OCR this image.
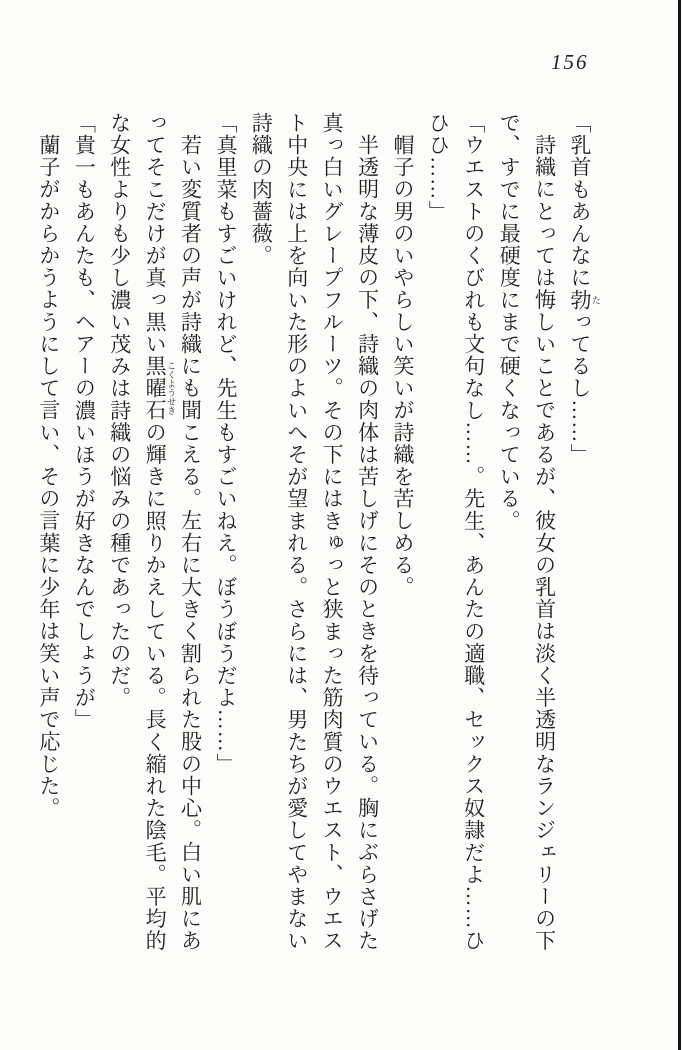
156

「乳首もあんなに勃 たってるし……」

詩織にとっては悔しいことであるが、彼女の乳首は淡く半透明なランジェリーの下で、すでに最硬度にまで硬くなっている。

「ウエストのくびれも文句なし……。先生、あんたの適職、セックス奴隷だよ……ひひひ……」

帽子の男のいやらしい笑いが詩織を苦しめる。

半透明な薄皮の下、詩織の肉体は苦しげにそのときを待っている。胸にぶらさげた真っ白いグレープフルーツ。その下にはきゅっと狭まった筋肉質のウエスト、ウエスト中央には上を向いた形のよいへそが望まれる。さらには、男たちが愛してやまない詩織の肉薔薇。

「真里菜もすごいけれど、先生もすごいねえ。ぼうぼうだよ……」

若い変質者の声が詩織にも聞こえる。左右に大きく割られた股の中心。白い肌にあってそこだけが真っ黒い黒曜石 こくようせきの輝きに照りかえしている。長く縮れた陰毛。平均的な女性よりも少し濃い茂みは詩織の悩みの種であったのだ。

「貴一もあんたも、ヘアーの濃いほうが好きなんでしょうが」

蘭子がからかうようにして言い、その言葉に少年は笑い声で応じた。
